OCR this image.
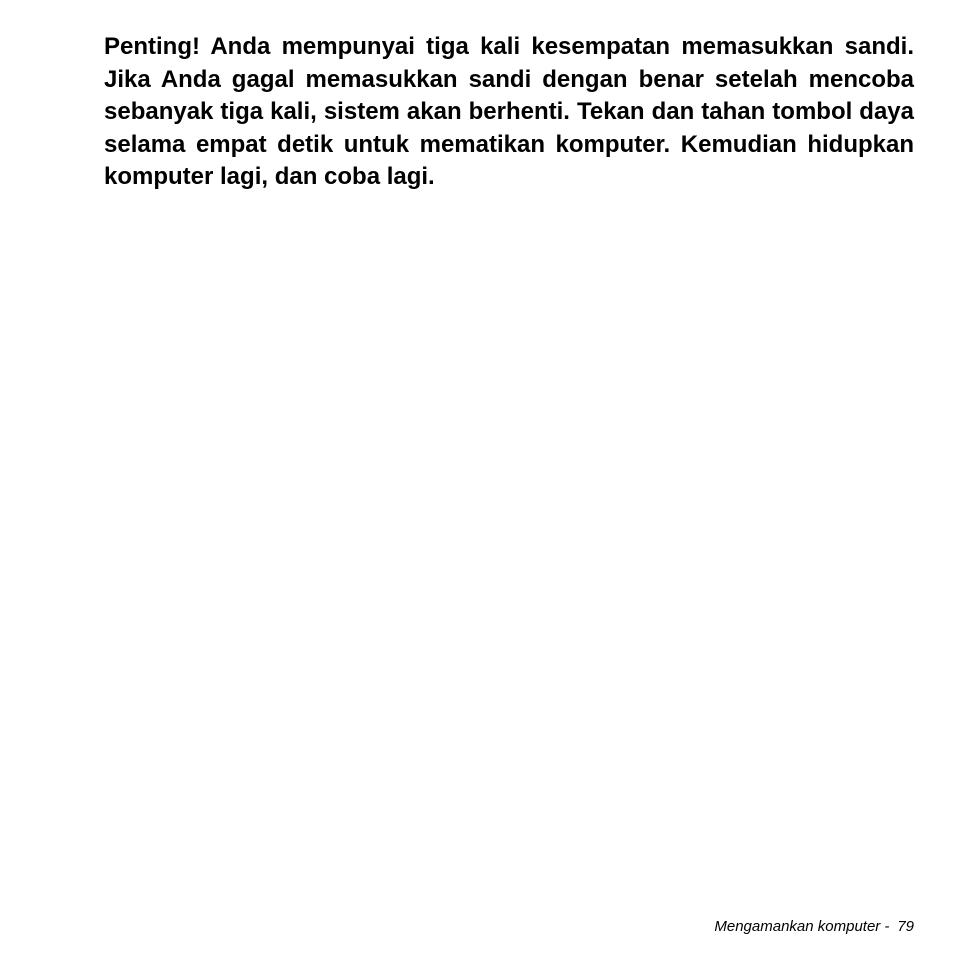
Penting! Anda mempunyai tiga kali kesempatan memasukkan sandi. Jika Anda gagal memasukkan sandi dengan benar setelah mencoba sebanyak tiga kali, sistem akan berhenti. Tekan dan tahan tombol daya selama empat detik untuk mematikan komputer. Kemudian hidupkan komputer lagi, dan coba lagi.

Mengamankan komputer - 79
